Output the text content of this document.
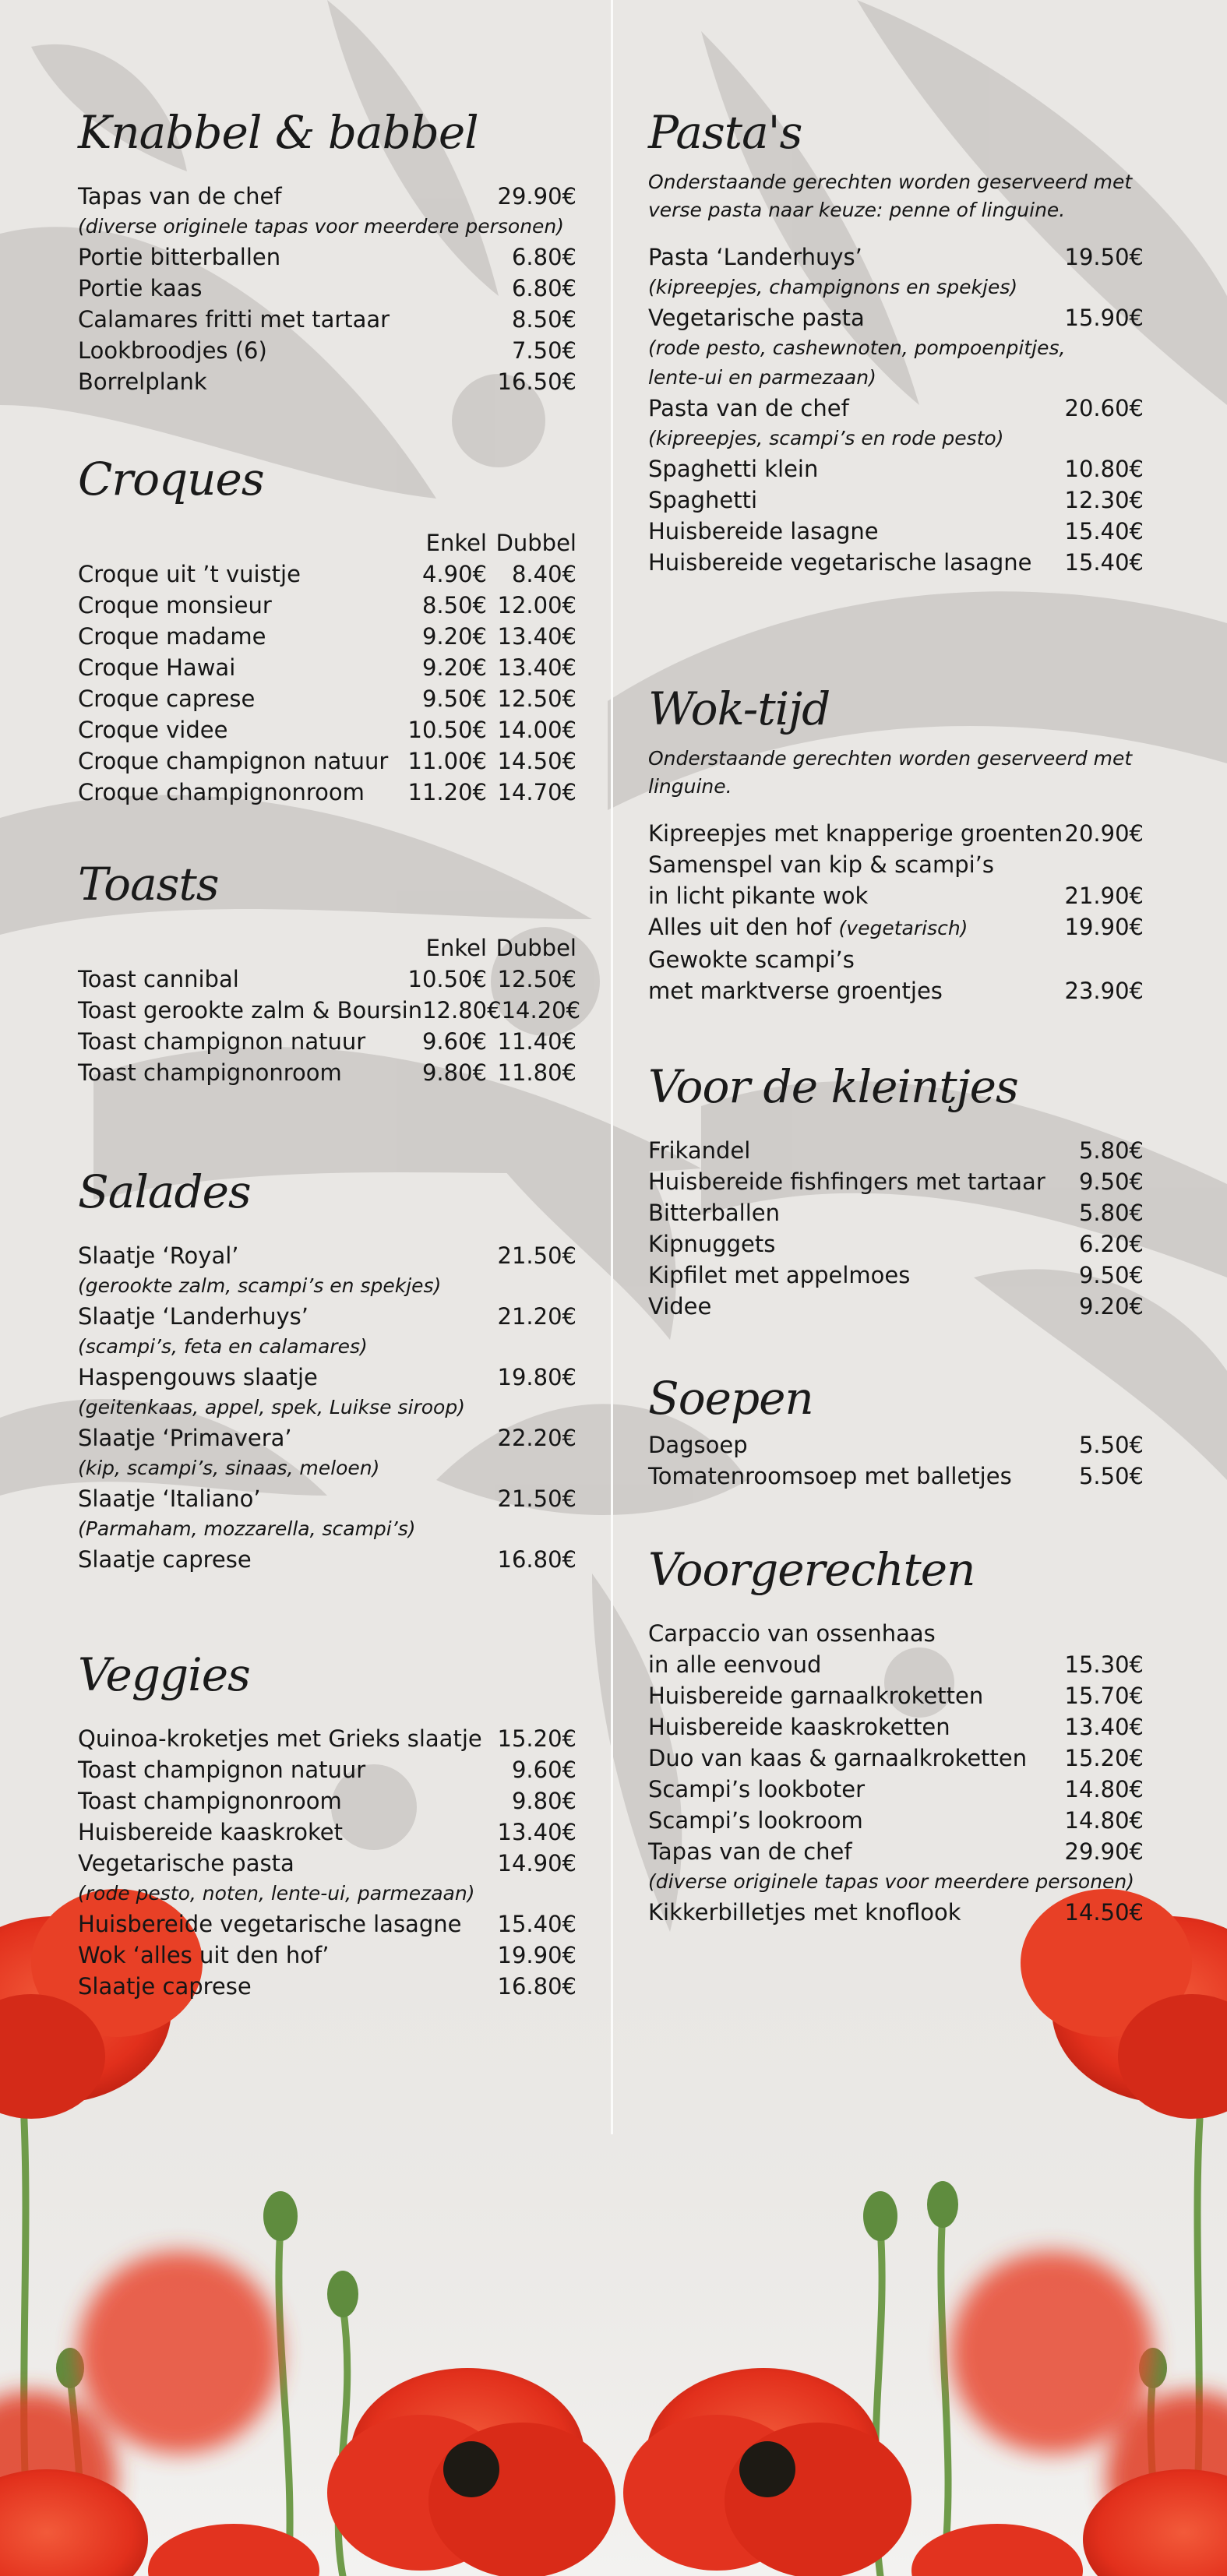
Knabbel & babbel
Tapas van de chef	29.90€
(diverse originele tapas voor meerdere personen)
Portie bitterballen	6.80€
Portie kaas	6.80€
Calamares fritti met tartaar	8.50€
Lookbroodjes (6)	7.50€
Borrelplank	16.50€
Croques
Enkel Dubbel
Croque uit ’t vuistje	4.90€	8.40€
Croque monsieur	8.50€ 12.00€
Croque madame	9.20€ 13.40€
Croque Hawai	9.20€ 13.40€
Croque caprese	9.50€ 12.50€
Croque videe	10.50€ 14.00€
Croque champignon natuur 11.00€ 14.50€
Croque champignonroom	11.20€ 14.70€
Toasts
Enkel Dubbel
Toast cannibal	10.50€ 12.50€
Toast gerookte zalm & Boursin 12.80€ 14.20€
Toast champignon natuur	9.60€ 11.40€
Toast champignonroom	9.80€ 11.80€
Salades
Slaatje ‘Royal’	21.50€
(gerookte zalm, scampi’s en spekjes)
Slaatje ‘Landerhuys’	21.20€
(scampi’s, feta en calamares)
Haspengouws slaatje	19.80€
(geitenkaas, appel, spek, Luikse siroop)
Slaatje ‘Primavera’	22.20€
(kip, scampi’s, sinaas, meloen)
Slaatje ‘Italiano’	21.50€
(Parmaham, mozzarella, scampi’s)
Slaatje caprese	16.80€
Veggies
Quinoa-kroketjes met Grieks slaatje 15.20€
Toast champignon natuur	9.60€
Toast champignonroom	9.80€
Huisbereide kaaskroket	13.40€
Vegetarische pasta	14.90€
(rode pesto, noten, lente-ui, parmezaan)
Huisbereide vegetarische lasagne	15.40€
Wok ‘alles uit den hof’	19.90€
Slaatje caprese	16.80€
Pasta's
Onderstaande gerechten worden geserveerd met
verse pasta naar keuze: penne of linguine.
Pasta ‘Landerhuys’	19.50€
(kipreepjes, champignons en spekjes)
Vegetarische pasta	15.90€
(rode pesto, cashewnoten, pompoenpitjes,
lente-ui en parmezaan)
Pasta van de chef	20.60€
(kipreepjes, scampi’s en rode pesto)
Spaghetti klein	10.80€
Spaghetti	12.30€
Huisbereide lasagne	15.40€
Huisbereide vegetarische lasagne	15.40€
Wok-tijd
Onderstaande gerechten worden geserveerd met linguine.
Kipreepjes met knapperige groenten 20.90€
Samenspel van kip & scampi’s
in licht pikante wok	21.90€
Alles uit den hof (vegetarisch)	19.90€
Gewokte scampi’s
met marktverse groentjes	23.90€
Voor de kleintjes
Frikandel	5.80€
Huisbereide fishfingers met tartaar	9.50€
Bitterballen	5.80€
Kipnuggets	6.20€
Kipfilet met appelmoes	9.50€
Videe	9.20€
Soepen
Dagsoep	5.50€
Tomatenroomsoep met balletjes	5.50€
Voorgerechten
Carpaccio van ossenhaas
in alle eenvoud	15.30€
Huisbereide garnaalkroketten	15.70€
Huisbereide kaaskroketten	13.40€
Duo van kaas & garnaalkroketten	15.20€
Scampi’s lookboter	14.80€
Scampi’s lookroom	14.80€
Tapas van de chef	29.90€
(diverse originele tapas voor meerdere personen)
Kikkerbilletjes met knoflook	14.50€
